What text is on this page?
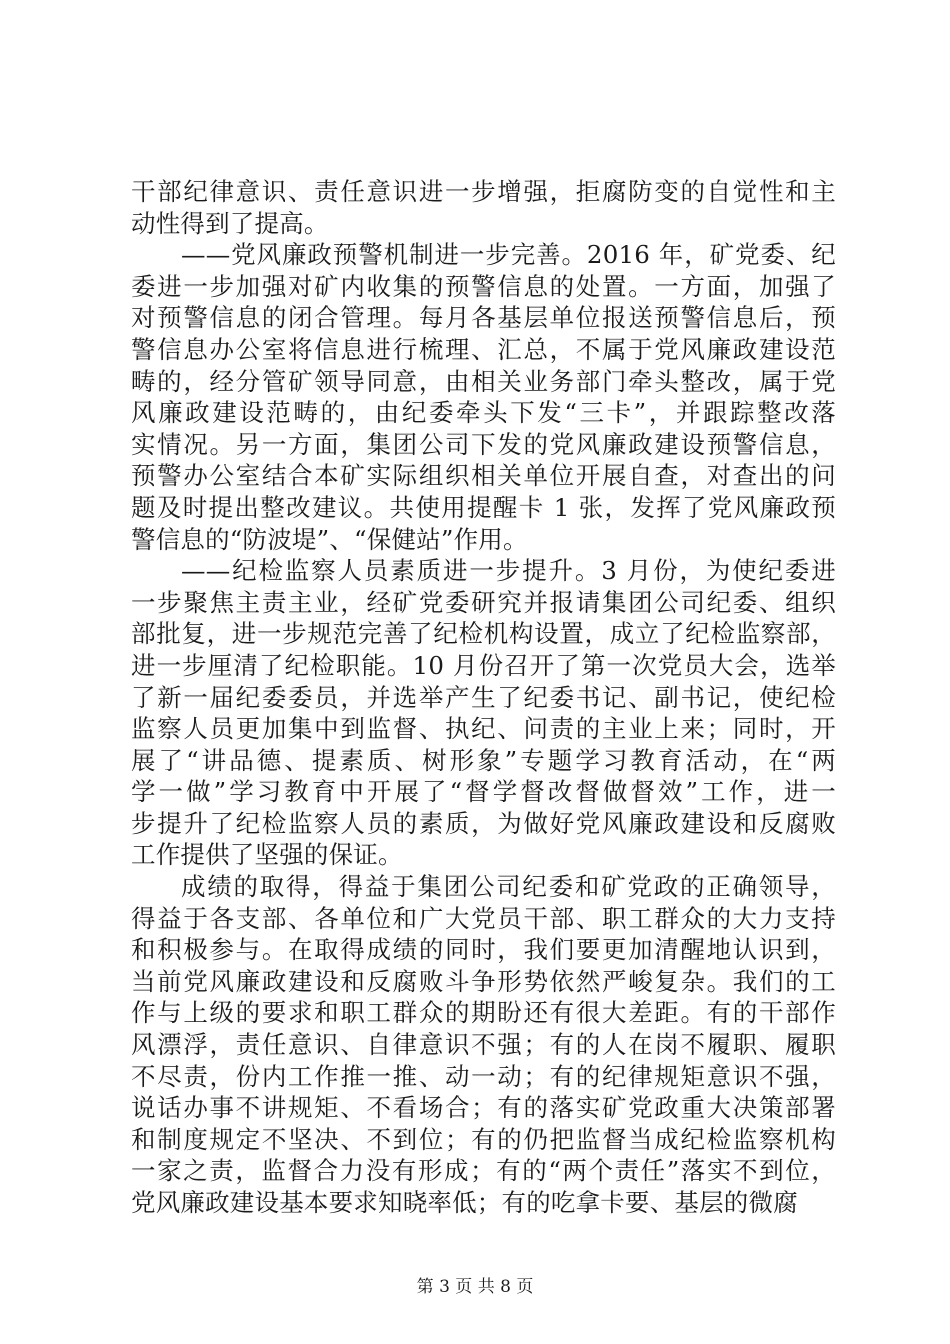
干部纪律意识、责任意识进一步增强，拒腐防变的自觉性和主
动性得到了提高。
——党风廉政预警机制进一步完善。2016 年，矿党委、纪
委进一步加强对矿内收集的预警信息的处置。一方面，加强了
对预警信息的闭合管理。每月各基层单位报送预警信息后，预
警信息办公室将信息进行梳理、汇总，不属于党风廉政建设范
畴的，经分管矿领导同意，由相关业务部门牵头整改，属于党
风廉政建设范畴的，由纪委牵头下发“三卡”，并跟踪整改落
实情况。另一方面，集团公司下发的党风廉政建设预警信息，
预警办公室结合本矿实际组织相关单位开展自查，对查出的问
题及时提出整改建议。共使用提醒卡 1 张，发挥了党风廉政预
警信息的“防波堤”、“保健站”作用。
——纪检监察人员素质进一步提升。3 月份，为使纪委进
一步聚焦主责主业，经矿党委研究并报请集团公司纪委、组织
部批复，进一步规范完善了纪检机构设置，成立了纪检监察部，
进一步厘清了纪检职能。10 月份召开了第一次党员大会，选举
了新一届纪委委员，并选举产生了纪委书记、副书记，使纪检
监察人员更加集中到监督、执纪、问责的主业上来；同时，开
展了“讲品德、提素质、树形象”专题学习教育活动，在“两
学一做”学习教育中开展了“督学督改督做督效”工作，进一
步提升了纪检监察人员的素质，为做好党风廉政建设和反腐败
工作提供了坚强的保证。
成绩的取得，得益于集团公司纪委和矿党政的正确领导，
得益于各支部、各单位和广大党员干部、职工群众的大力支持
和积极参与。在取得成绩的同时，我们要更加清醒地认识到，
当前党风廉政建设和反腐败斗争形势依然严峻复杂。我们的工
作与上级的要求和职工群众的期盼还有很大差距。有的干部作
风漂浮，责任意识、自律意识不强；有的人在岗不履职、履职
不尽责，份内工作推一推、动一动；有的纪律规矩意识不强，
说话办事不讲规矩、不看场合；有的落实矿党政重大决策部署
和制度规定不坚决、不到位；有的仍把监督当成纪检监察机构
一家之责，监督合力没有形成；有的“两个责任”落实不到位，
党风廉政建设基本要求知晓率低；有的吃拿卡要、基层的微腐
第 3 页 共 8 页
